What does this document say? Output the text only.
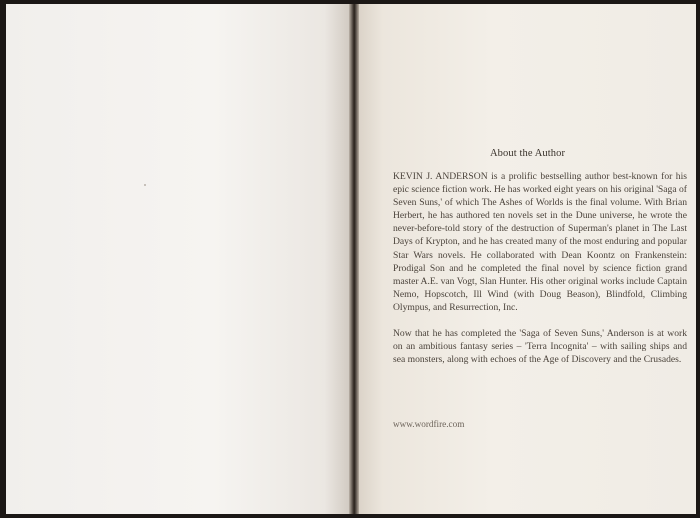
About the Author

KEVIN J. ANDERSON is a prolific bestselling author best-known for his epic science fiction work. He has worked eight years on his original 'Saga of Seven Suns,' of which The Ashes of Worlds is the final volume. With Brian Herbert, he has authored ten novels set in the Dune universe, he wrote the never-before-told story of the destruction of Superman's planet in The Last Days of Krypton, and he has created many of the most enduring and popular Star Wars novels. He collaborated with Dean Koontz on Frankenstein: Prodigal Son and he completed the final novel by science fiction grand master A.E. van Vogt, Slan Hunter. His other original works include Captain Nemo, Hopscotch, Ill Wind (with Doug Beason), Blindfold, Climbing Olympus, and Resurrection, Inc.

Now that he has completed the 'Saga of Seven Suns,' Anderson is at work on an ambitious fantasy series – 'Terra Incognita' – with sailing ships and sea monsters, along with echoes of the Age of Discovery and the Crusades.

www.wordfire.com
